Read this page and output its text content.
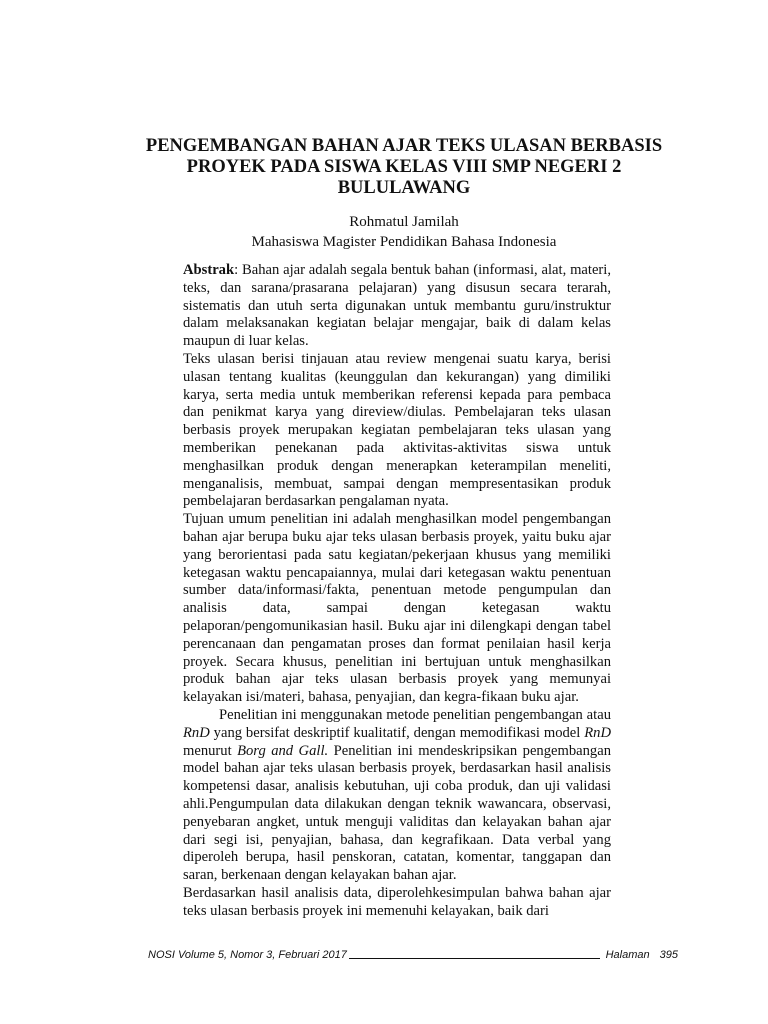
PENGEMBANGAN BAHAN AJAR TEKS ULASAN BERBASIS
PROYEK PADA SISWA KELAS VIII SMP NEGERI 2
BULULAWANG
Rohmatul Jamilah
Mahasiswa Magister Pendidikan Bahasa Indonesia

Abstrak: Bahan ajar adalah segala bentuk bahan (informasi, alat, materi, teks, dan sarana/prasarana pelajaran) yang disusun secara terarah, sistematis dan utuh serta digunakan untuk membantu guru/instruktur dalam melaksanakan kegiatan belajar mengajar, baik di dalam kelas maupun di luar kelas.

Teks ulasan berisi tinjauan atau review mengenai suatu karya, berisi ulasan tentang kualitas (keunggulan dan kekurangan) yang dimiliki karya, serta media untuk memberikan referensi kepada para pembaca dan penikmat karya yang direview/diulas. Pembelajaran teks ulasan berbasis proyek merupakan kegiatan pembelajaran teks ulasan yang memberikan penekanan pada aktivitas-aktivitas siswa untuk menghasilkan produk dengan menerapkan keterampilan meneliti, menganalisis, membuat, sampai dengan mempresentasikan produk pembelajaran berdasarkan pengalaman nyata.

Tujuan umum penelitian ini adalah menghasilkan model pengembangan bahan ajar berupa buku ajar teks ulasan berbasis proyek, yaitu buku ajar yang berorientasi pada satu kegiatan/pekerjaan khusus yang memiliki ketegasan waktu pencapaiannya, mulai dari ketegasan waktu penentuan sumber data/informasi/fakta, penentuan metode pengumpulan dan analisis data, sampai dengan ketegasan waktu pelaporan/pengomunikasian hasil. Buku ajar ini dilengkapi dengan tabel perencanaan dan pengamatan proses dan format penilaian hasil kerja proyek. Secara khusus, penelitian ini bertujuan untuk menghasilkan produk bahan ajar teks ulasan berbasis proyek yang memunyai kelayakan isi/materi, bahasa, penyajian, dan kegra-fikaan buku ajar.

Penelitian ini menggunakan metode penelitian pengembangan atau RnD yang bersifat deskriptif kualitatif, dengan memodifikasi model RnD menurut Borg and Gall. Penelitian ini mendeskripsikan pengembangan model bahan ajar teks ulasan berbasis proyek, berdasarkan hasil analisis kompetensi dasar, analisis kebutuhan, uji coba produk, dan uji validasi ahli.Pengumpulan data dilakukan dengan teknik wawancara, observasi, penyebaran angket, untuk menguji validitas dan kelayakan bahan ajar dari segi isi, penyajian, bahasa, dan kegrafikaan. Data verbal yang diperoleh berupa, hasil penskoran, catatan, komentar, tanggapan dan saran, berkenaan dengan kelayakan bahan ajar.

Berdasarkan hasil analisis data, diperolehkesimpulan bahwa bahan ajar teks ulasan berbasis proyek ini memenuhi kelayakan, baik dari

NOSI Volume 5, Nomor 3, Februari 2017	Halaman 395
